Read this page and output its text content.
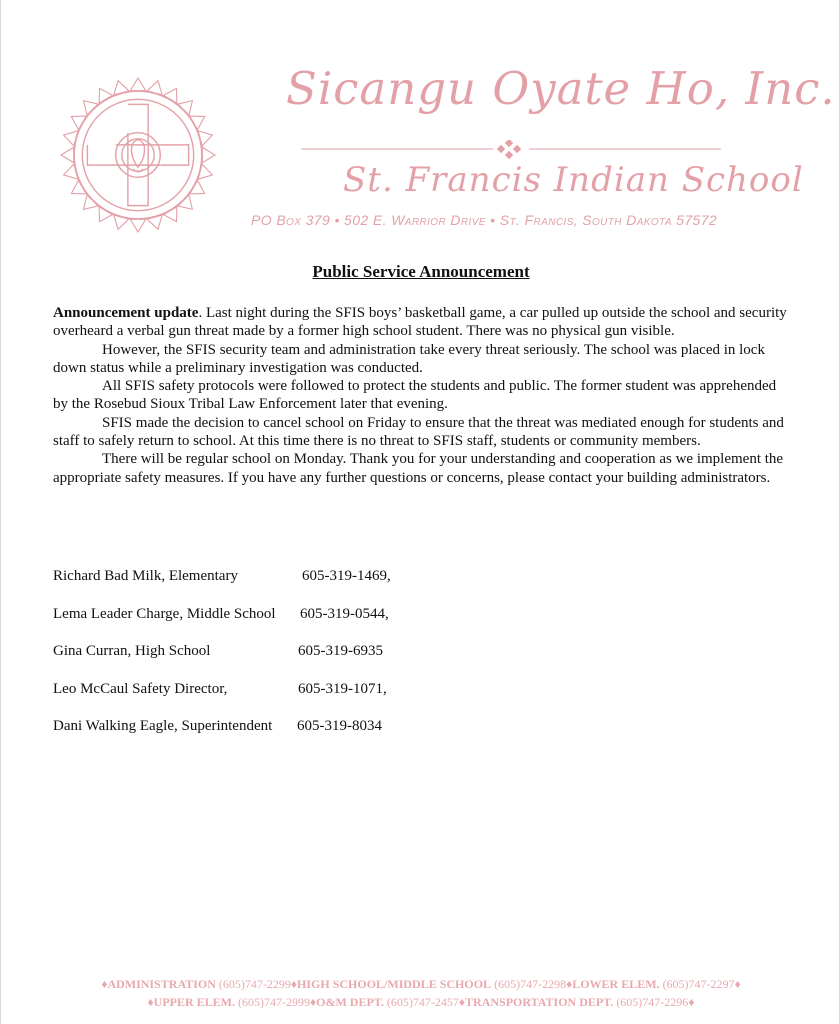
Sicangu Oyate Ho, Inc.
St. Francis Indian School
PO Box 379 • 502 E. Warrior Drive • St. Francis, South Dakota 57572
Public Service Announcement

Announcement update. Last night during the SFIS boys’ basketball game, a car pulled up outside the school and security overheard a verbal gun threat made by a former high school student. There was no physical gun visible.

However, the SFIS security team and administration take every threat seriously. The school was placed in lock down status while a preliminary investigation was conducted.

All SFIS safety protocols were followed to protect the students and public. The former student was apprehended by the Rosebud Sioux Tribal Law Enforcement later that evening.

SFIS made the decision to cancel school on Friday to ensure that the threat was mediated enough for students and staff to safely return to school. At this time there is no threat to SFIS staff, students or community members.

There will be regular school on Monday. Thank you for your understanding and cooperation as we implement the appropriate safety measures. If you have any further questions or concerns, please contact your building administrators.

Richard Bad Milk, Elementary	605-319-1469,
Lema Leader Charge, Middle School 605-319-0544,
Gina Curran, High School	605-319-6935
Leo McCaul Safety Director,	605-319-1071,
Dani Walking Eagle, Superintendent 605-319-8034
♦ADMINISTRATION (605)747-2299♦HIGH SCHOOL/MIDDLE SCHOOL (605)747-2298♦LOWER ELEM. (605)747-2297♦
♦UPPER ELEM. (605)747-2999♦O&M DEPT. (605)747-2457♦TRANSPORTATION DEPT. (605)747-2296♦
